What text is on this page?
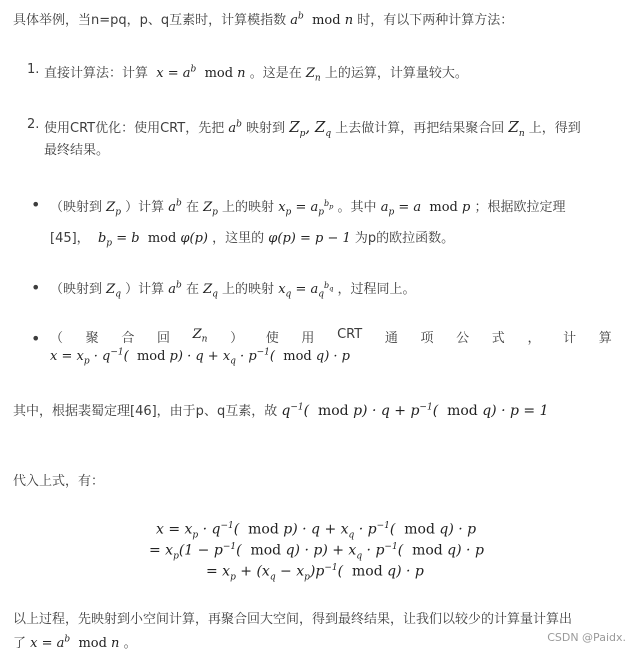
具体举例，当n=pq，p、q互素时，计算模指数 $a^b$ mod n 时，有以下两种计算方法：
1. 直接计算法：计算  $x = a^b$ mod n 。这是在 $Z_n$ 上的运算，计算量较大。
2. 使用CRT优化：使用CRT，先把 $a^b$ 映射到 $Z_p$, $Z_q$ 上去做计算，再把结果聚合回 $Z_n$ 上，得到
最终结果。
• （映射到 $Z_p$ ）计算 $a^b$ 在 $Z_p$ 上的映射 $x_p = a_p^{b_p}$ 。其中 $a_p = a$  mod p ；根据欧拉定理
[45]，  $b_p = b$  mod φ(p) ，这里的 φ(p) = p − 1 为p的欧拉函数。
• （映射到 $Z_q$ ）计算 $a^b$ 在 $Z_q$ 上的映射 $x_q = a_q^{b_q}$ ，过程同上。
• （ 聚 合 回 $Z_n$ ） 使 用 CRT 通 项 公 式 ， 计 算
$x = x_p \cdot q^{-1}$(  mod $p) \cdot q + x_q \cdot p^{-1}$(  mod q) · p
其中，根据裴蜀定理[46]，由于p、q互素，故 $q^{-1}$(  mod $p) \cdot q + p^{-1}$(  mod q) · p = 1
代入上式，有：
$x = x_p \cdot q^{-1}$(  mod $p) \cdot q + x_q \cdot p^{-1}$(  mod q) · p
= $x_p(1 - p^{-1}$(  mod $q) \cdot p) + x_q \cdot p^{-1}$(  mod q) · p
= $x_p + (x_q - x_p)p^{-1}$(  mod q) · p
以上过程，先映射到小空间计算，再聚合回大空间，得到最终结果，让我们以较少的计算量计算出
了 $x = a^b$ mod n 。	CSDN @Paidx.
